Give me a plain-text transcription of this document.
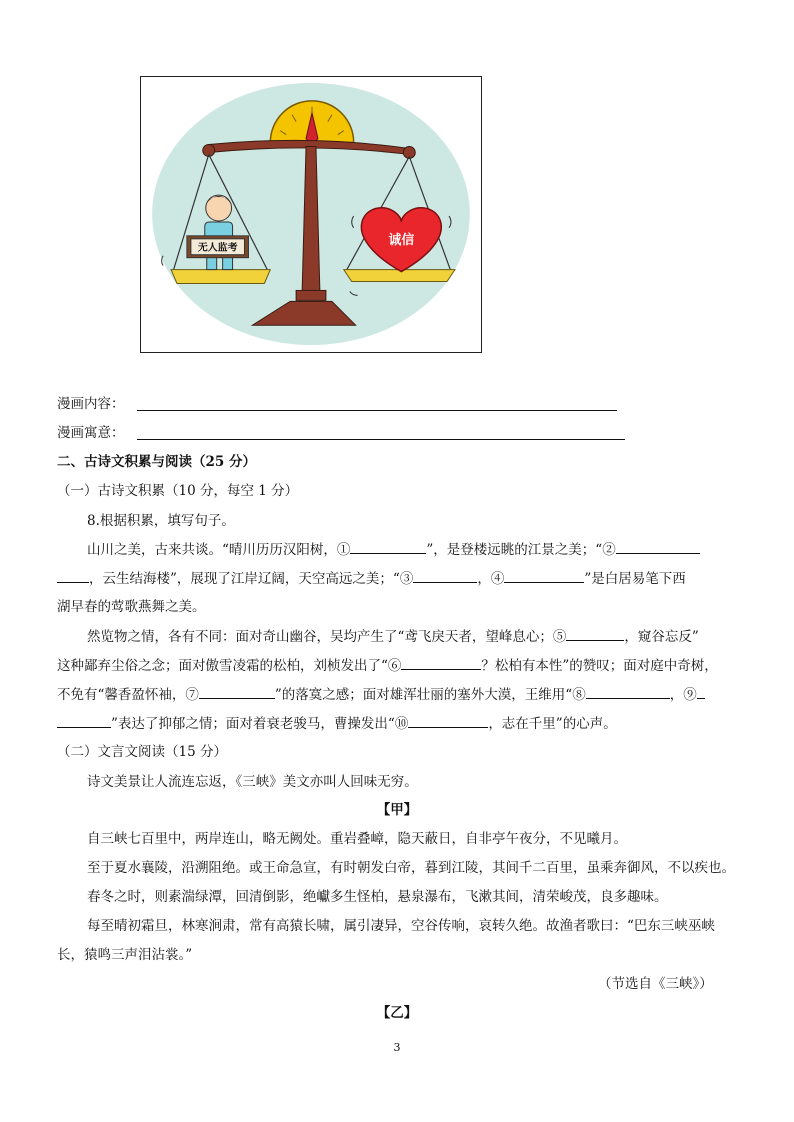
无人监考
诚信
漫画内容：
漫画寓意：
二、古诗文积累与阅读（25 分）
（一）古诗文积累（10 分，每空 1 分）
8.根据积累，填写句子。
山川之美，古来共谈。“晴川历历汉阳树，①	”，是登楼远眺的江景之美；“②
，云生结海楼”，展现了江岸辽阔，天空高远之美；“③	，④	”是白居易笔下西
湖早春的莺歌燕舞之美。
然览物之情，各有不同：面对奇山幽谷，吴均产生了“鸢飞戾天者，望峰息心；⑤	，窥谷忘反”
这种鄙弃尘俗之念；面对傲雪凌霜的松柏，刘桢发出了“⑥	？松柏有本性”的赞叹；面对庭中奇树，
不免有“馨香盈怀袖，⑦	”的落寞之感；面对雄浑壮丽的塞外大漠，王维用“⑧	，⑨
”表达了抑郁之情；面对着衰老骏马，曹操发出“⑩	，志在千里”的心声。
（二）文言文阅读（15 分）
诗文美景让人流连忘返，《三峡》美文亦叫人回味无穷。
【甲】
自三峡七百里中，两岸连山，略无阙处。重岩叠嶂，隐天蔽日，自非亭午夜分，不见曦月。
至于夏水襄陵，沿溯阻绝。或王命急宣，有时朝发白帝，暮到江陵，其间千二百里，虽乘奔御风，不以疾也。
春冬之时，则素湍绿潭，回清倒影，绝巘多生怪柏，悬泉瀑布，飞漱其间，清荣峻茂，良多趣味。
每至晴初霜旦，林寒涧肃，常有高猿长啸，属引凄异，空谷传响，哀转久绝。故渔者歌曰：“巴东三峡巫峡
长，猿鸣三声泪沾裳。”
（节选自《三峡》）
【乙】
3
